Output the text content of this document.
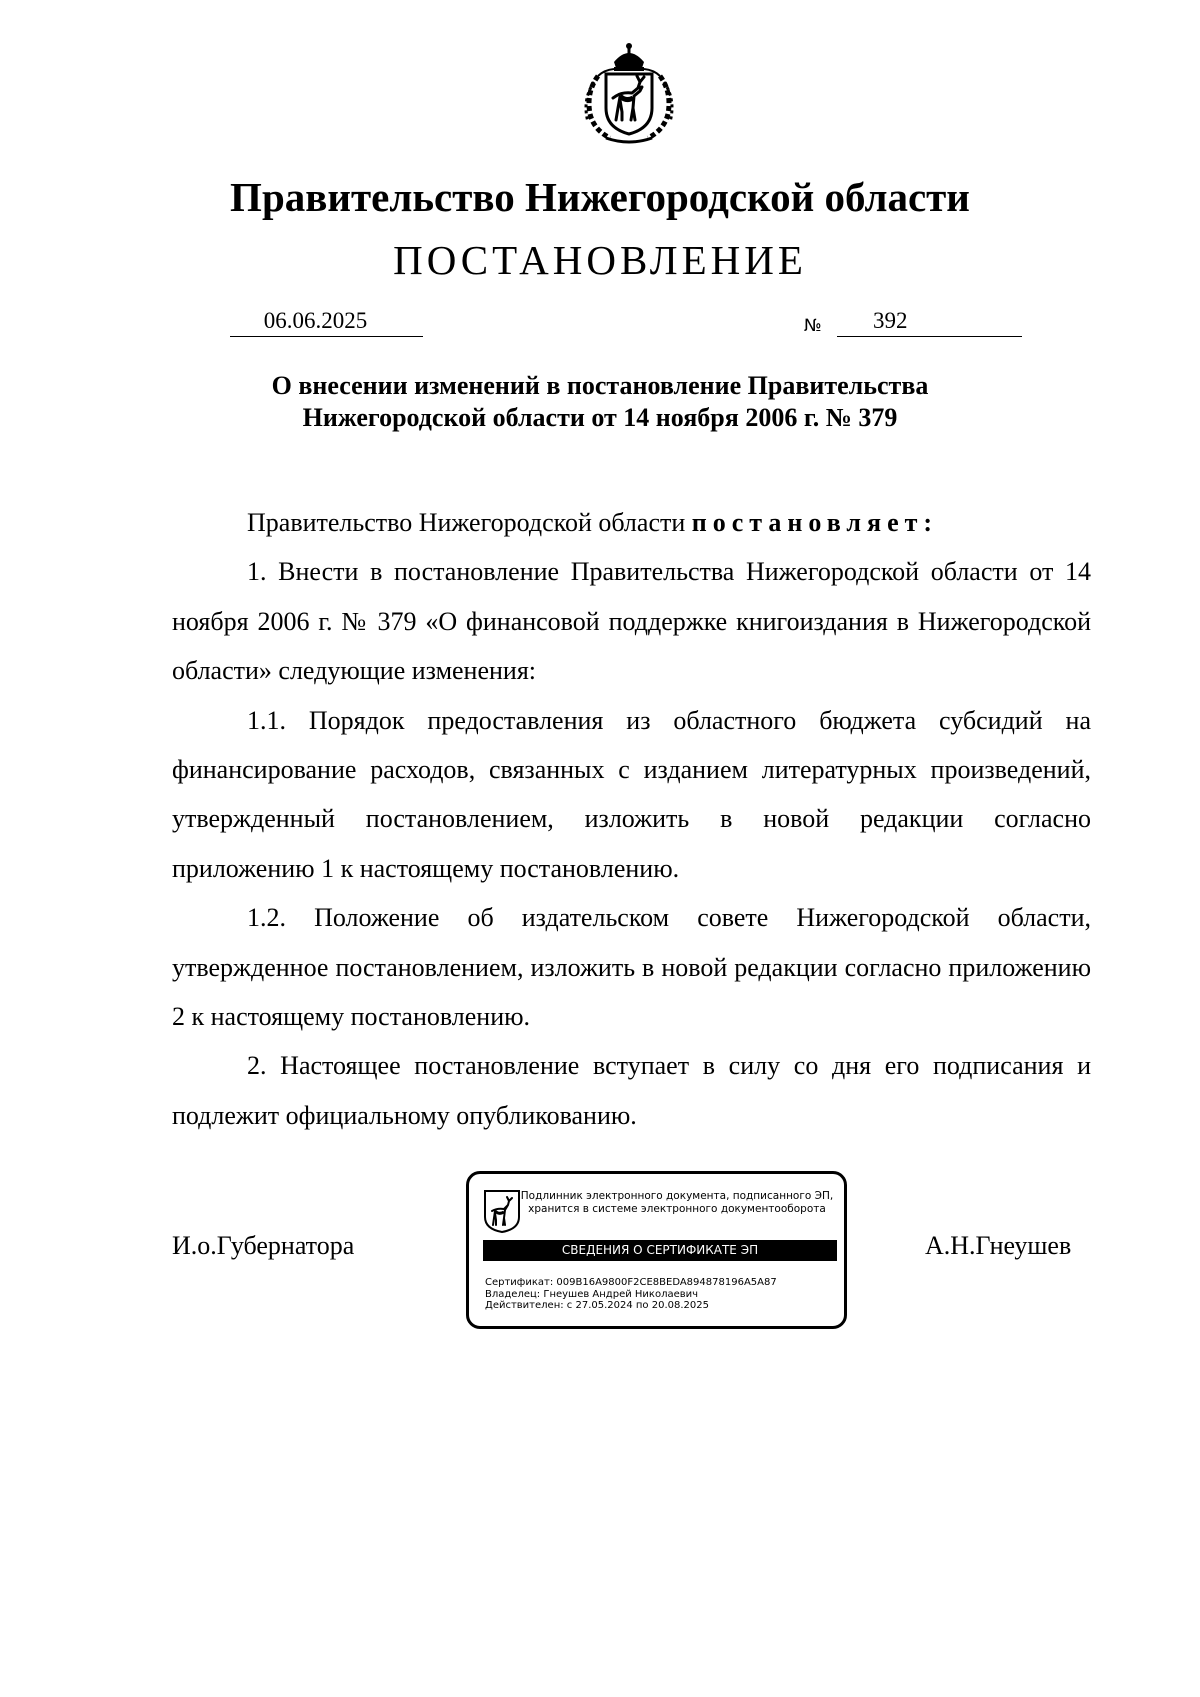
Правительство Нижегородской области
ПОСТАНОВЛЕНИЕ
06.06.2025	№	392
О внесении изменений в постановление Правительства
Нижегородской области от 14 ноября 2006 г. № 379

Правительство Нижегородской области постановляет:

1. Внести в постановление Правительства Нижегородской области от 14 ноября 2006 г. № 379 «О финансовой поддержке книгоиздания в Нижегородской области» следующие изменения:

1.1. Порядок предоставления из областного бюджета субсидий на финансирование расходов, связанных с изданием литературных произведений, утвержденный постановлением, изложить в новой редакции согласно приложению 1 к настоящему постановлению.

1.2. Положение об издательском совете Нижегородской области, утвержденное постановлением, изложить в новой редакции согласно приложению 2 к настоящему постановлению.

2. Настоящее постановление вступает в силу со дня его подписания и подлежит официальному опубликованию.

И.о.Губернатора	А.Н.Гнеушев
Подлинник электронного документа, подписанного ЭП,
хранится в системе электронного документооборота
СВЕДЕНИЯ О СЕРТИФИКАТЕ ЭП
Сертификат: 009B16A9800F2CE8BEDA894878196A5A87
Владелец: Гнеушев Андрей Николаевич
Действителен: с 27.05.2024 по 20.08.2025
